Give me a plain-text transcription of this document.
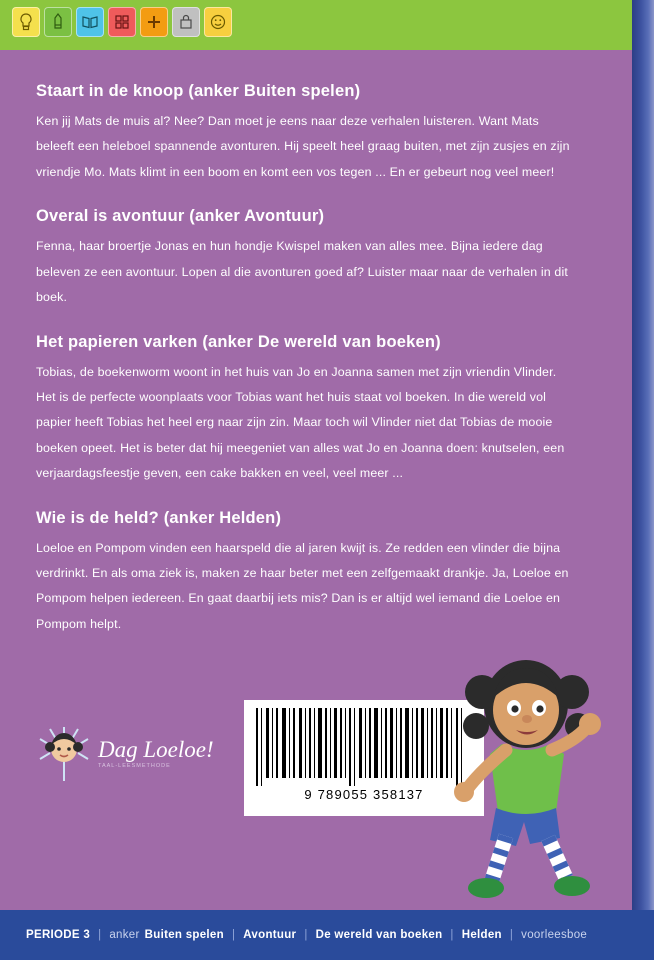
Staart in de knoop (anker Buiten spelen)

Ken jij Mats de muis al? Nee? Dan moet je eens naar deze verhalen luisteren. Want Mats beleeft een heleboel spannende avonturen. Hij speelt heel graag buiten, met zijn zusjes en zijn vriendje Mo. Mats klimt in een boom en komt een vos tegen ... En er gebeurt nog veel meer!

Overal is avontuur (anker Avontuur)

Fenna, haar broertje Jonas en hun hondje Kwispel maken van alles mee. Bijna iedere dag beleven ze een avontuur. Lopen al die avonturen goed af? Luister maar naar de verhalen in dit boek.

Het papieren varken (anker De wereld van boeken)

Tobias, de boekenworm woont in het huis van Jo en Joanna samen met zijn vriendin Vlinder. Het is de perfecte woonplaats voor Tobias want het huis staat vol boeken. In die wereld vol papier heeft Tobias het heel erg naar zijn zin. Maar toch wil Vlinder niet dat Tobias de mooie boeken opeet. Het is beter dat hij meegeniet van alles wat Jo en Joanna doen: knutselen, een verjaardagsfeestje geven, een cake bakken en veel, veel meer ...

Wie is de held? (anker Helden)

Loeloe en Pompom vinden een haarspeld die al jaren kwijt is. Ze redden een vlinder die bijna verdrinkt. En als oma ziek is, maken ze haar beter met een zelfgemaakt drankje. Ja, Loeloe en Pompom helpen iedereen. En gaat daarbij iets mis? Dan is er altijd wel iemand die Loeloe en Pompom helpt.

Dag Loeloe!
TAAL-LEESMETHODE
9 789055 358137
PERIODE 3 | anker Buiten spelen | Avontuur | De wereld van boeken | Helden | voorleesboe
